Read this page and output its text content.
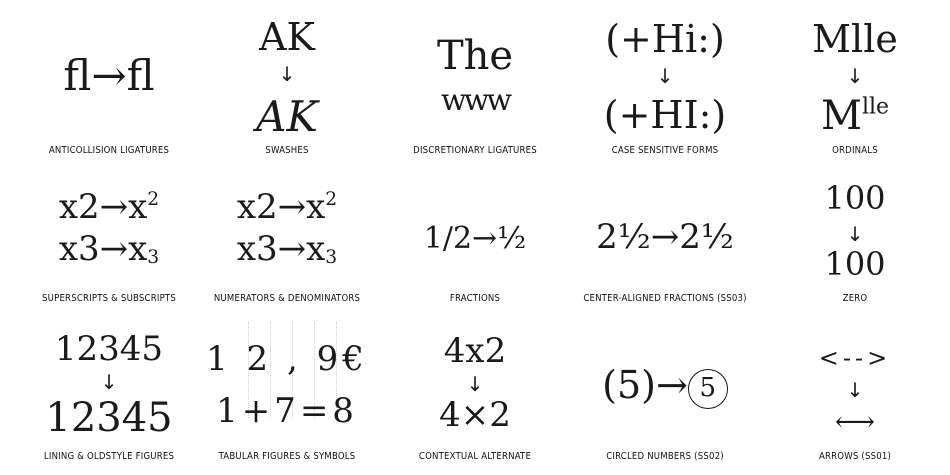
fl→fl
ANTICOLLISION LIGATURES
AK
↓
AK
SWASHES
The
www
DISCRETIONARY LIGATURES
(+Hi:)
↓
(+HI:)
CASE SENSITIVE FORMS
Mlle
↓
$M^{lle}$
ORDINALS
$x2\to x^2$
x3→x3
SUPERSCRIPTS & SUBSCRIPTS
$x2\to x^2$
x3→x3
NUMERATORS & DENOMINATORS
1/2→½
FRACTIONS
2½→2½
CENTER-ALIGNED FRACTIONS (SS03)
100
↓
100
ZERO
12345
↓
12345
LINING & OLDSTYLE FIGURES
1 2 , 9€
1+7=8
TABULAR FIGURES & SYMBOLS
4x2
↓
4×2
CONTEXTUAL ALTERNATE
(5)→ 5
CIRCLED NUMBERS (SS02)
<-->
↓
⟷
ARROWS (SS01)
